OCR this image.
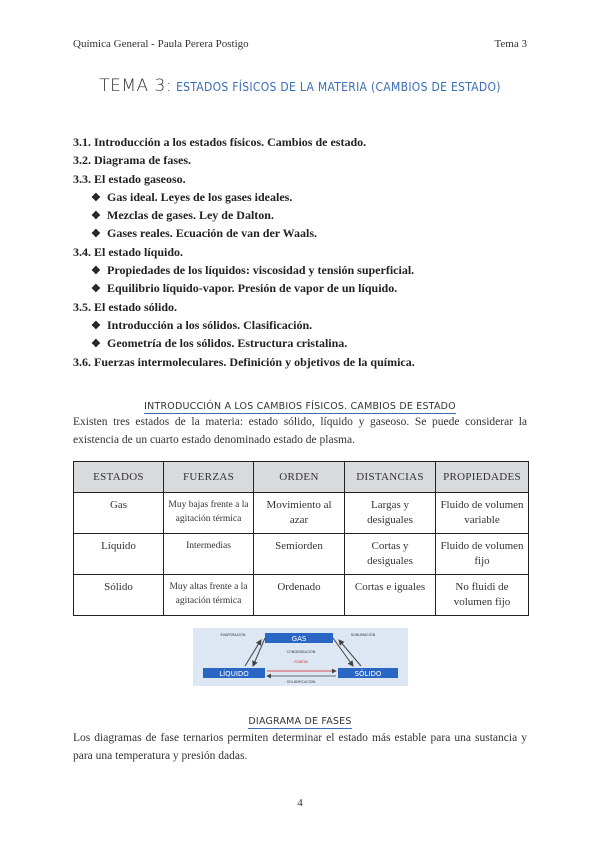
Química General - Paula Perera Postigo	Tema 3
TEMA 3: ESTADOS FÍSICOS DE LA MATERIA (CAMBIOS DE ESTADO)
3.1. Introducción a los estados físicos. Cambios de estado.
3.2. Diagrama de fases.
3.3. El estado gaseoso.
❖ Gas ideal. Leyes de los gases ideales.
❖ Mezclas de gases. Ley de Dalton.
❖ Gases reales. Ecuación de van der Waals.
3.4. El estado líquido.
❖ Propiedades de los líquidos: viscosidad y tensión superficial.
❖ Equilibrio líquido-vapor. Presión de vapor de un líquido.
3.5. El estado sólido.
❖ Introducción a los sólidos. Clasificación.
❖ Geometría de los sólidos. Estructura cristalina.
3.6. Fuerzas intermoleculares. Definición y objetivos de la química.
INTRODUCCIÓN A LOS CAMBIOS FÍSICOS. CAMBIOS DE ESTADO
Existen tres estados de la materia: estado sólido, líquido y gaseoso. Se puede considerar la existencia de un cuarto estado denominado estado de plasma.
ESTADOS	FUERZAS	ORDEN	DISTANCIAS	PROPIEDADES
Gas	Muy bajas frente a la agitación térmica	Movimiento al azar	Largas y desiguales	Fluido de volumen variable
Líquido	Intermedias	Semiorden	Cortas y desiguales	Fluido de volumen fijo
Sólido	Muy altas frente a la agitación térmica	Ordenado	Cortas e iguales	No fluidi de volumen fijo
GAS
LÍQUIDO	SÓLIDO
EVAPORACIÓN	SUBLIMACIÓN
CONDENSACIÓN
FUSIÓN
SOLIDIFICACIÓN
DIAGRAMA DE FASES
Los diagramas de fase ternarios permiten determinar el estado más estable para una sustancia y para una temperatura y presión dadas.
4
